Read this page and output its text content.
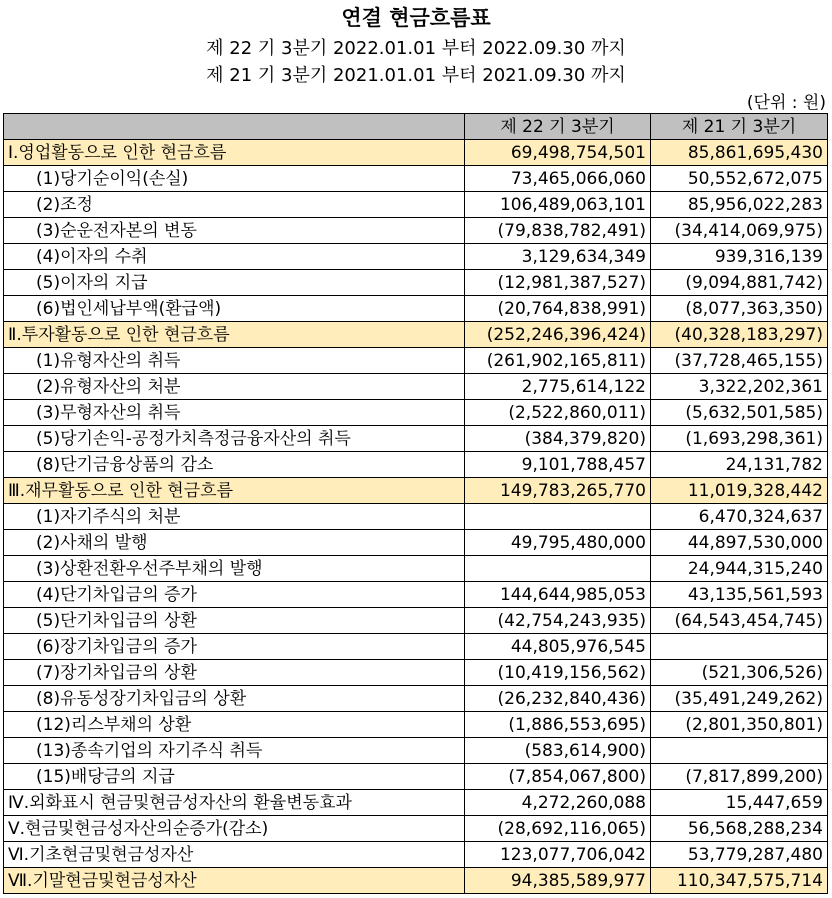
연결 현금흐름표
제 22 기 3분기 2022.01.01 부터 2022.09.30 까지
제 21 기 3분기 2021.01.01 부터 2021.09.30 까지
(단위 : 원)
	제 22 기 3분기	제 21 기 3분기
Ⅰ.영업활동으로 인한 현금흐름	69,498,754,501	85,861,695,430
(1)당기순이익(손실)	73,465,066,060	50,552,672,075
(2)조정	106,489,063,101	85,956,022,283
(3)순운전자본의 변동	(79,838,782,491)	(34,414,069,975)
(4)이자의 수취	3,129,634,349	939,316,139
(5)이자의 지급	(12,981,387,527)	(9,094,881,742)
(6)법인세납부액(환급액)	(20,764,838,991)	(8,077,363,350)
Ⅱ.투자활동으로 인한 현금흐름	(252,246,396,424)	(40,328,183,297)
(1)유형자산의 취득	(261,902,165,811)	(37,728,465,155)
(2)유형자산의 처분	2,775,614,122	3,322,202,361
(3)무형자산의 취득	(2,522,860,011)	(5,632,501,585)
(5)당기손익-공정가치측정금융자산의 취득	(384,379,820)	(1,693,298,361)
(8)단기금융상품의 감소	9,101,788,457	24,131,782
Ⅲ.재무활동으로 인한 현금흐름	149,783,265,770	11,019,328,442
(1)자기주식의 처분		6,470,324,637
(2)사채의 발행	49,795,480,000	44,897,530,000
(3)상환전환우선주부채의 발행		24,944,315,240
(4)단기차입금의 증가	144,644,985,053	43,135,561,593
(5)단기차입금의 상환	(42,754,243,935)	(64,543,454,745)
(6)장기차입금의 증가	44,805,976,545	
(7)장기차입금의 상환	(10,419,156,562)	(521,306,526)
(8)유동성장기차입금의 상환	(26,232,840,436)	(35,491,249,262)
(12)리스부채의 상환	(1,886,553,695)	(2,801,350,801)
(13)종속기업의 자기주식 취득	(583,614,900)	
(15)배당금의 지급	(7,854,067,800)	(7,817,899,200)
Ⅳ.외화표시 현금및현금성자산의 환율변동효과	4,272,260,088	15,447,659
Ⅴ.현금및현금성자산의순증가(감소)	(28,692,116,065)	56,568,288,234
Ⅵ.기초현금및현금성자산	123,077,706,042	53,779,287,480
Ⅶ.기말현금및현금성자산	94,385,589,977	110,347,575,714
